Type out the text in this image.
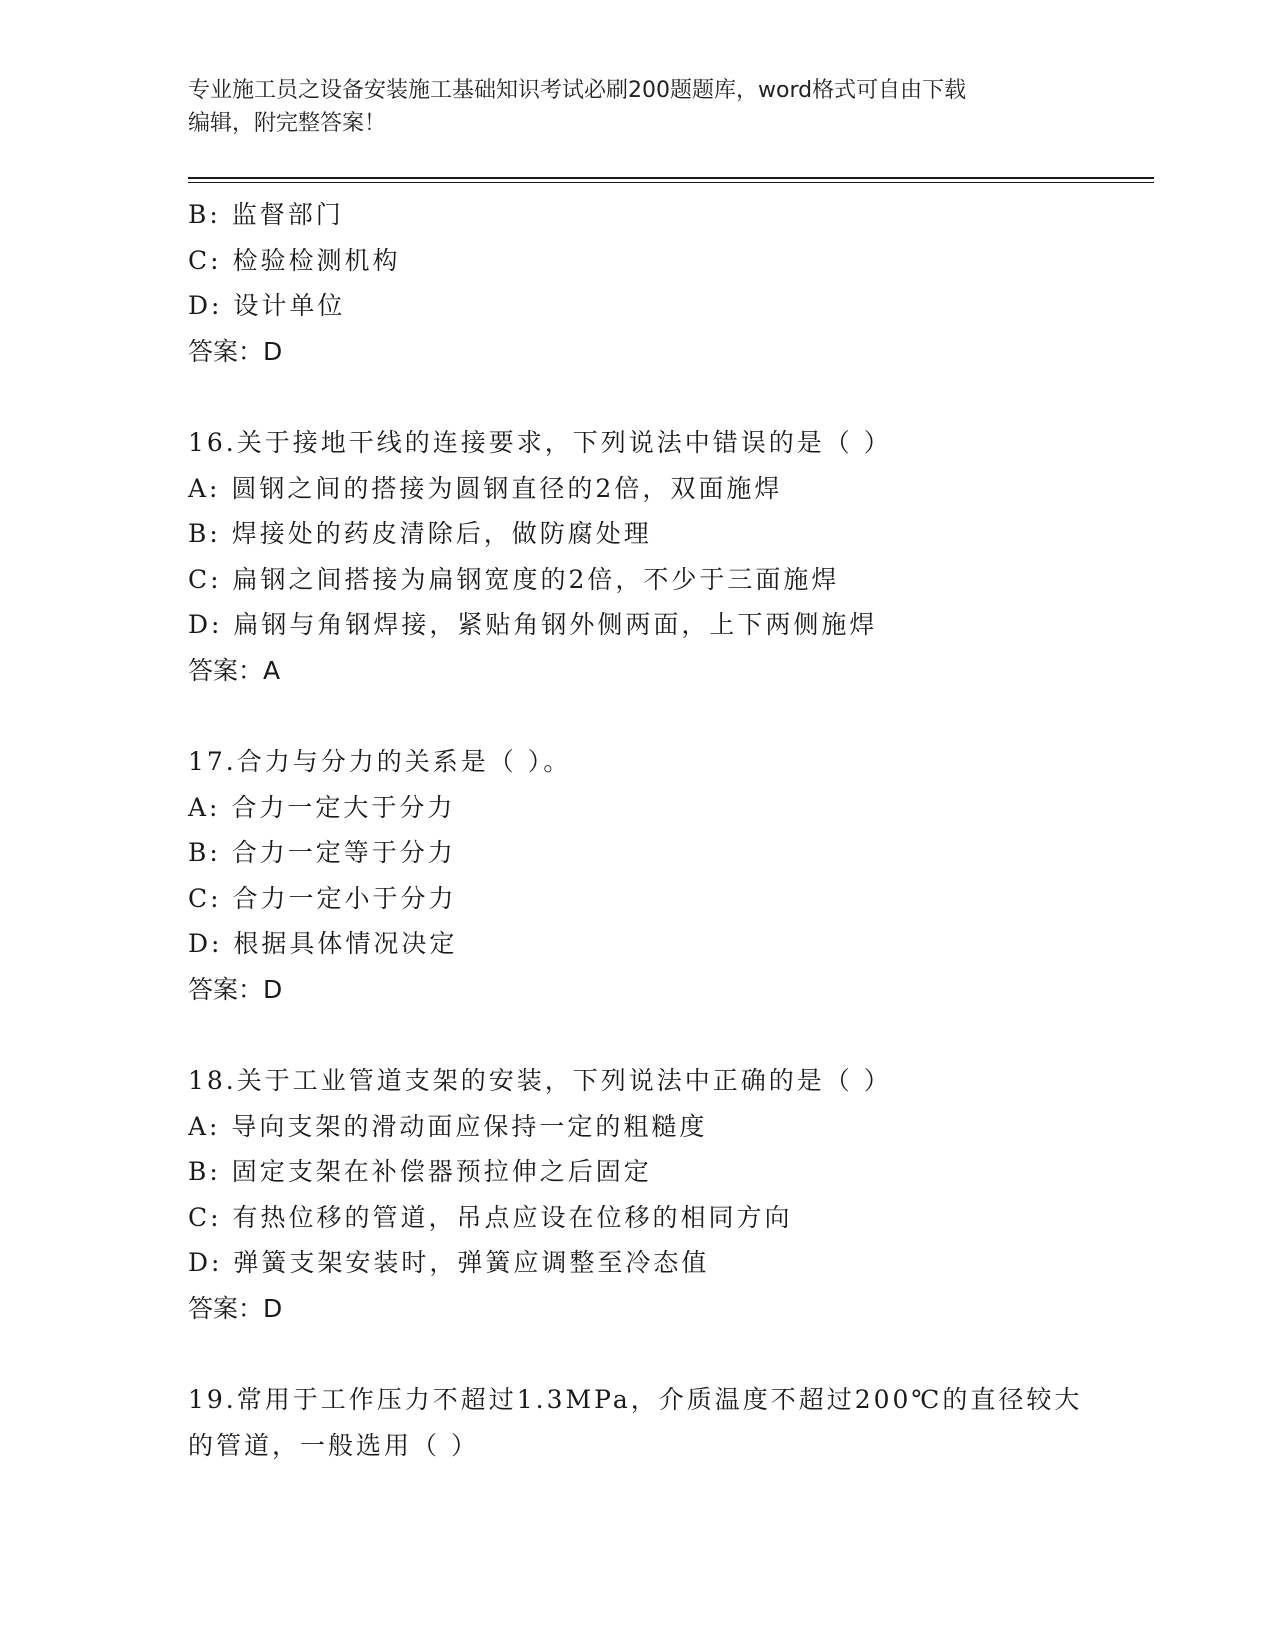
专业施工员之设备安装施工基础知识考试必刷200题题库，word格式可自由下载
编辑，附完整答案！
B: 监督部门
C: 检验检测机构
D: 设计单位
答案：D
16.关于接地干线的连接要求，下列说法中错误的是（ ）
A: 圆钢之间的搭接为圆钢直径的2倍，双面施焊
B: 焊接处的药皮清除后，做防腐处理
C: 扁钢之间搭接为扁钢宽度的2倍，不少于三面施焊
D: 扁钢与角钢焊接，紧贴角钢外侧两面，上下两侧施焊
答案：A
17.合力与分力的关系是（ ）。
A: 合力一定大于分力
B: 合力一定等于分力
C: 合力一定小于分力
D: 根据具体情况决定
答案：D
18.关于工业管道支架的安装，下列说法中正确的是（ ）
A: 导向支架的滑动面应保持一定的粗糙度
B: 固定支架在补偿器预拉伸之后固定
C: 有热位移的管道，吊点应设在位移的相同方向
D: 弹簧支架安装时，弹簧应调整至冷态值
答案：D
19.常用于工作压力不超过1.3MPa，介质温度不超过200℃的直径较大的管道，一般选用（ ）
